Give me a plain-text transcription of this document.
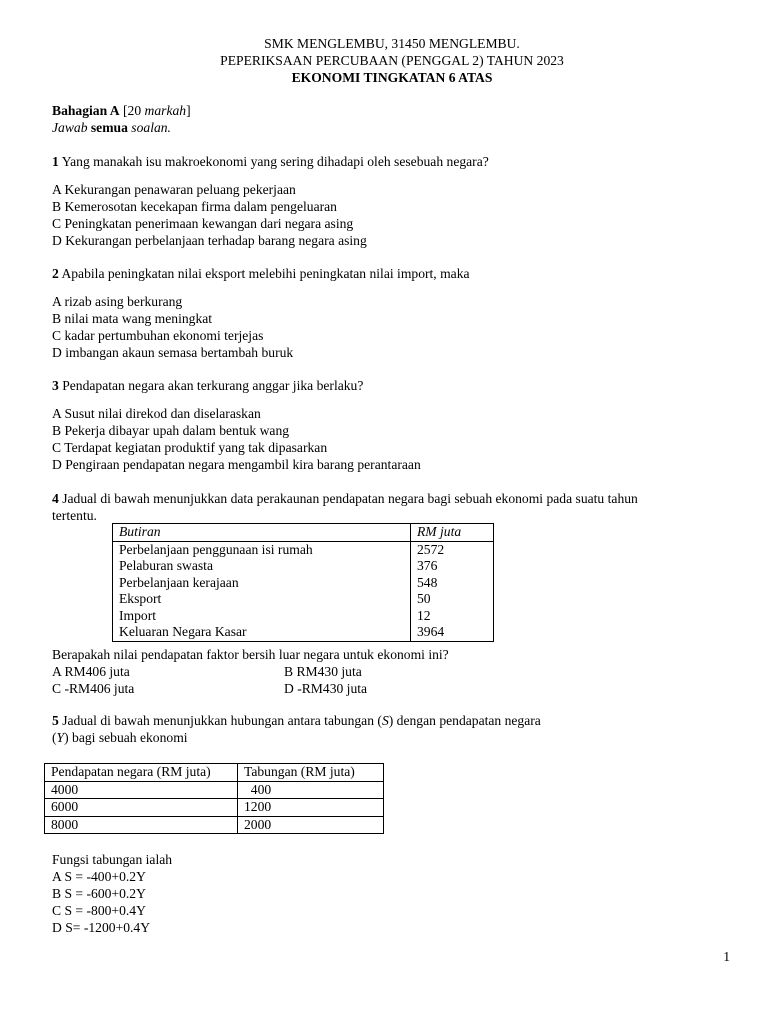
SMK MENGLEMBU, 31450 MENGLEMBU.
PEPERIKSAAN PERCUBAAN (PENGGAL 2) TAHUN 2023
EKONOMI TINGKATAN 6 ATAS
Bahagian A [20 markah]
Jawab semua soalan.
1 Yang manakah isu makroekonomi yang sering dihadapi oleh sesebuah negara?
A Kekurangan penawaran peluang pekerjaan
B Kemerosotan kecekapan firma dalam pengeluaran
C Peningkatan penerimaan kewangan dari negara asing
D Kekurangan perbelanjaan terhadap barang negara asing
2 Apabila peningkatan nilai eksport melebihi peningkatan nilai import, maka
A rizab asing berkurang
B nilai mata wang meningkat
C kadar pertumbuhan ekonomi terjejas
D imbangan akaun semasa bertambah buruk
3 Pendapatan negara akan terkurang anggar jika berlaku?
A Susut nilai direkod dan diselaraskan
B Pekerja dibayar upah dalam bentuk wang
C Terdapat kegiatan produktif yang tak dipasarkan
D Pengiraan pendapatan negara mengambil kira barang perantaraan
4 Jadual di bawah menunjukkan data perakaunan pendapatan negara bagi sebuah ekonomi pada suatu tahun
tertentu.
Butiran	RM juta
Perbelanjaan penggunaan isi rumah	2572
Pelaburan swasta	376
Perbelanjaan kerajaan	548
Eksport	50
Import	12
Keluaran Negara Kasar	3964
Berapakah nilai pendapatan faktor bersih luar negara untuk ekonomi ini?
A RM406 juta	B RM430 juta
C -RM406 juta	D -RM430 juta
5 Jadual di bawah menunjukkan hubungan antara tabungan (S) dengan pendapatan negara
(Y) bagi sebuah ekonomi
Pendapatan negara (RM juta)	Tabungan (RM juta)
4000	400
6000	1200
8000	2000
Fungsi tabungan ialah
A S = -400+0.2Y
B S = -600+0.2Y
C S = -800+0.4Y
D S= -1200+0.4Y
1
